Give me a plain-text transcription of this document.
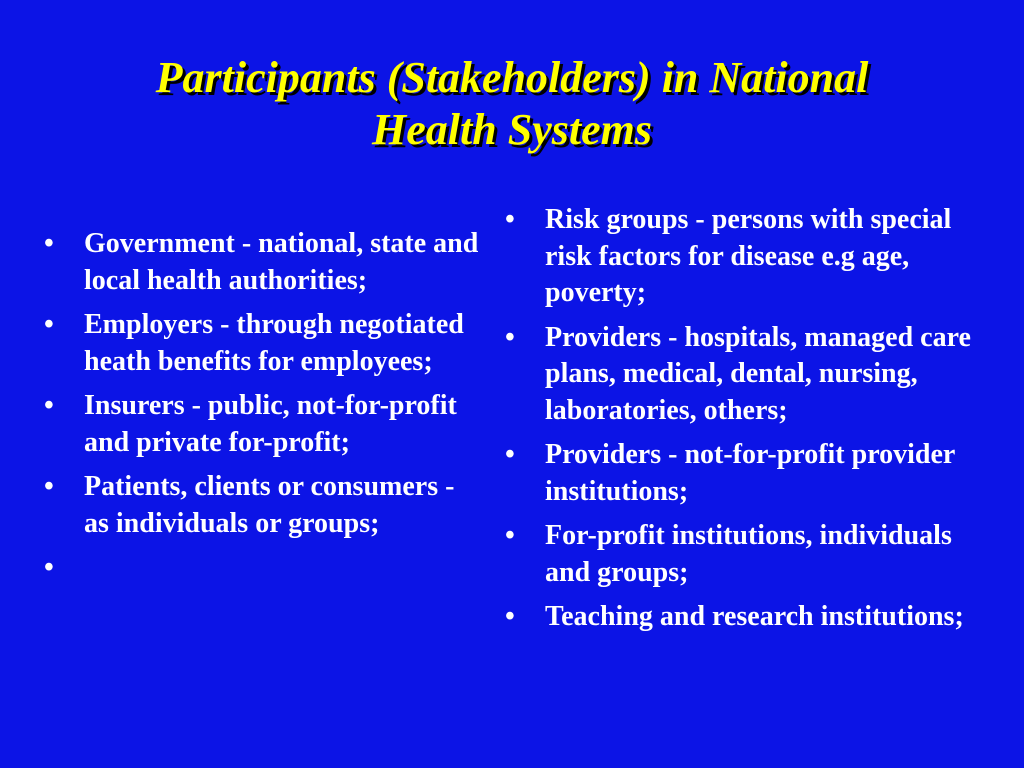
Participants (Stakeholders) in National
Health Systems
•	Government - national, state and local health authorities;
•	Employers - through negotiated heath benefits for employees;
•	Insurers - public, not-for-profit and private for-profit;
•	Patients, clients or consumers - as individuals or groups;
•
•	Risk groups - persons with special risk factors for disease e.g age, poverty;
•	Providers - hospitals, managed care plans, medical, dental, nursing, laboratories, others;
•	Providers - not-for-profit provider institutions;
•	For-profit institutions, individuals and groups;
•	Teaching and research institutions;
